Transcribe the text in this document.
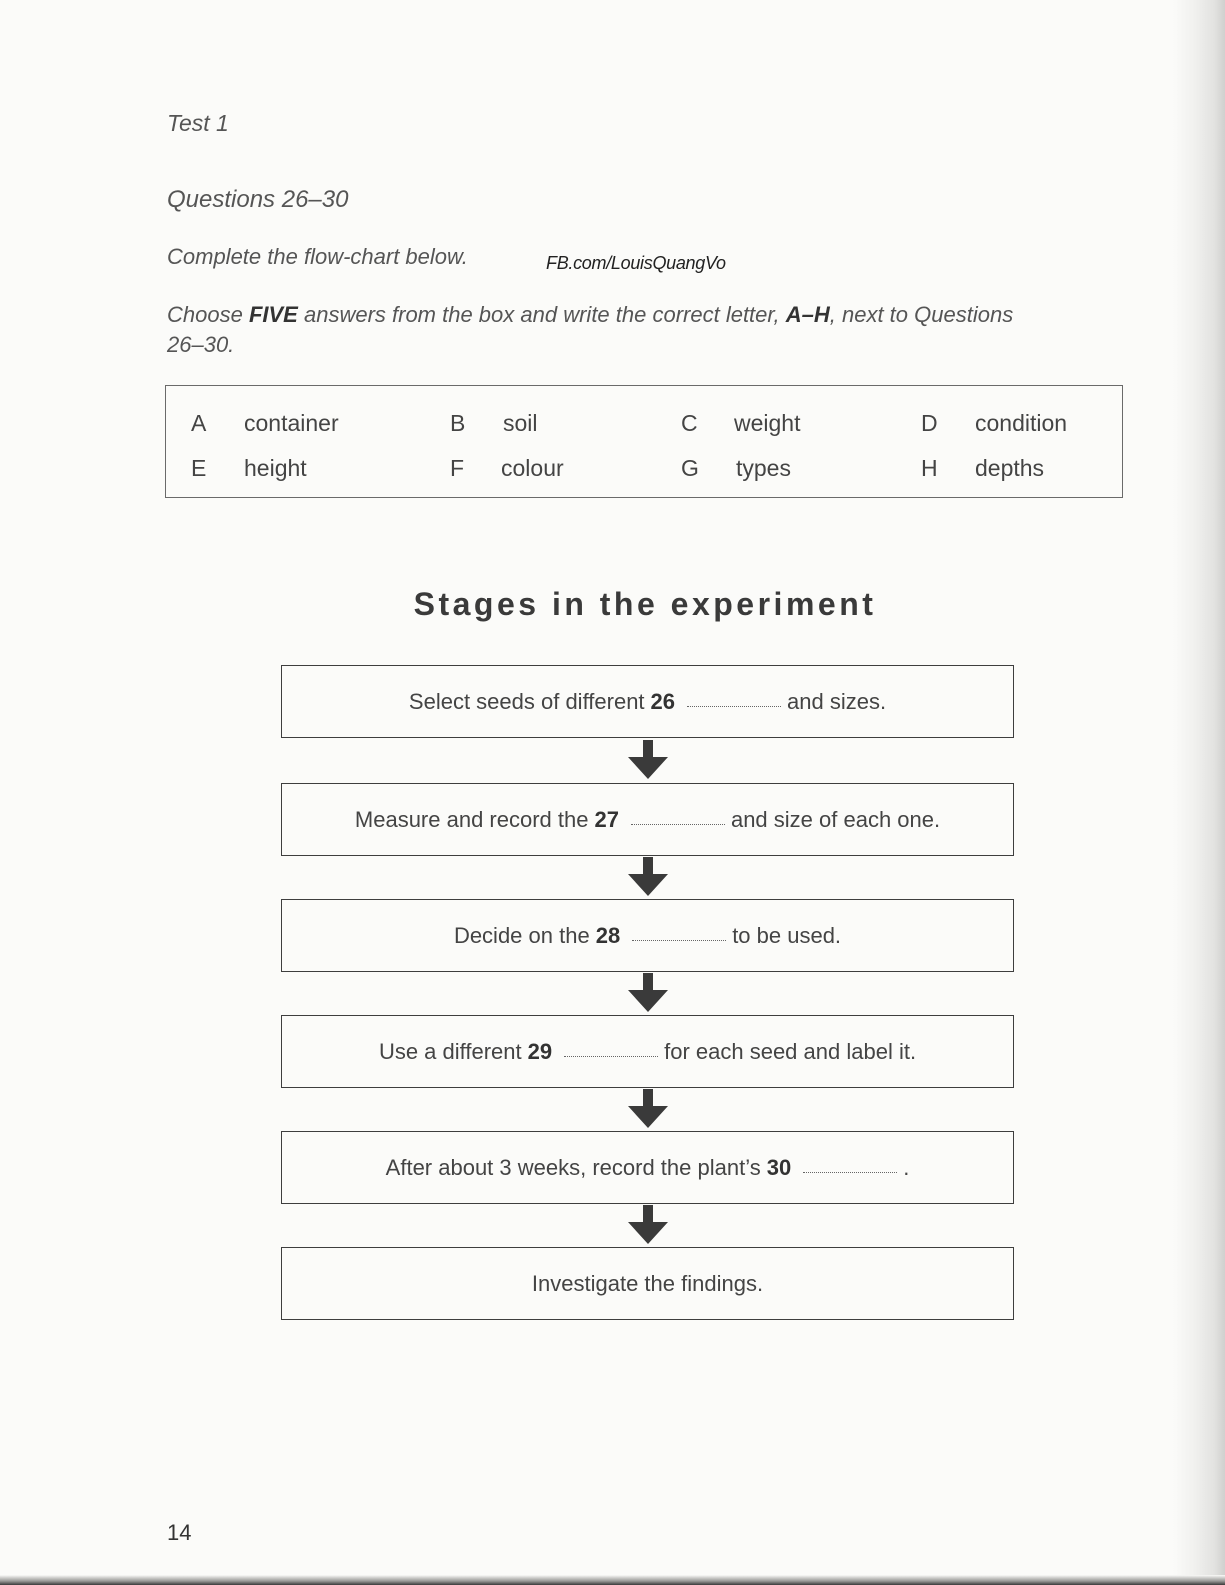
Test 1
Questions 26–30
Complete the flow-chart below.	FB.com/LouisQuangVo
Choose FIVE answers from the box and write the correct letter, A–H, next to Questions 26–30.
A container	B soil	C weight	D condition
E height	F colour	G types	H depths
Stages in the experiment
Select seeds of different 26	and sizes.
Measure and record the 27	and size of each one.
Decide on the 28	to be used.
Use a different 29	for each seed and label it.
After about 3 weeks, record the plant’s 30	.
Investigate the findings.
14
